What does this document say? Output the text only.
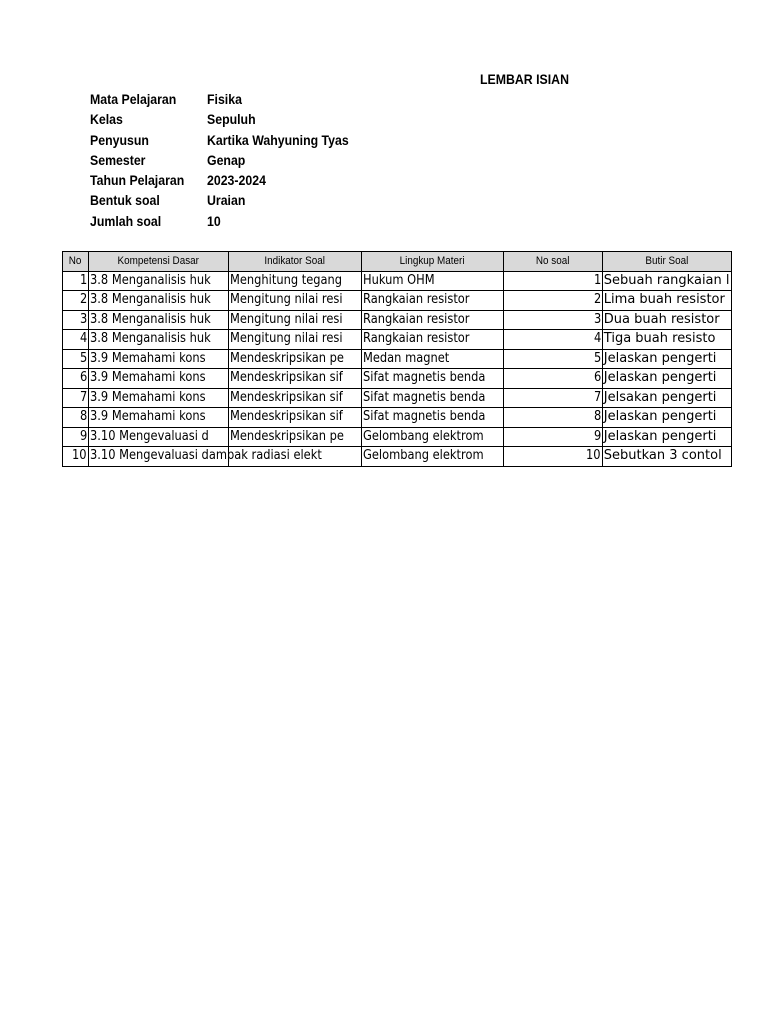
LEMBAR ISIAN
Mata Pelajaran Fisika
Kelas	Sepuluh
Penyusun	Kartika Wahyuning Tyas
Semester	Genap
Tahun Pelajaran 2023-2024
Bentuk soal	Uraian
Jumlah soal	10
No	Kompetensi Dasar	Indikator Soal	Lingkup Materi	No soal	Butir Soal
1	3.8 Menganalisis huk	Menghitung tegang	Hukum OHM	1	Sebuah rangkaian l
2	3.8 Menganalisis huk	Mengitung nilai resi	Rangkaian resistor	2	Lima buah resistor
3	3.8 Menganalisis huk	Mengitung nilai resi	Rangkaian resistor	3	Dua buah resistor
4	3.8 Menganalisis huk	Mengitung nilai resi	Rangkaian resistor	4	Tiga buah resisto
5	3.9 Memahami kons	Mendeskripsikan pe	Medan magnet	5	Jelaskan pengerti
6	3.9 Memahami kons	Mendeskripsikan sif	Sifat magnetis benda	6	Jelaskan pengerti
7	3.9 Memahami kons	Mendeskripsikan sif	Sifat magnetis benda	7	Jelsakan pengerti
8	3.9 Memahami kons	Mendeskripsikan sif	Sifat magnetis benda	8	Jelaskan pengerti
9	3.10 Mengevaluasi d	Mendeskripsikan pe	Gelombang elektrom	9	Jelaskan pengerti
10	3.10 Mengevaluasi dampak radiasi elekt		Gelombang elektrom	10	Sebutkan 3 contol
